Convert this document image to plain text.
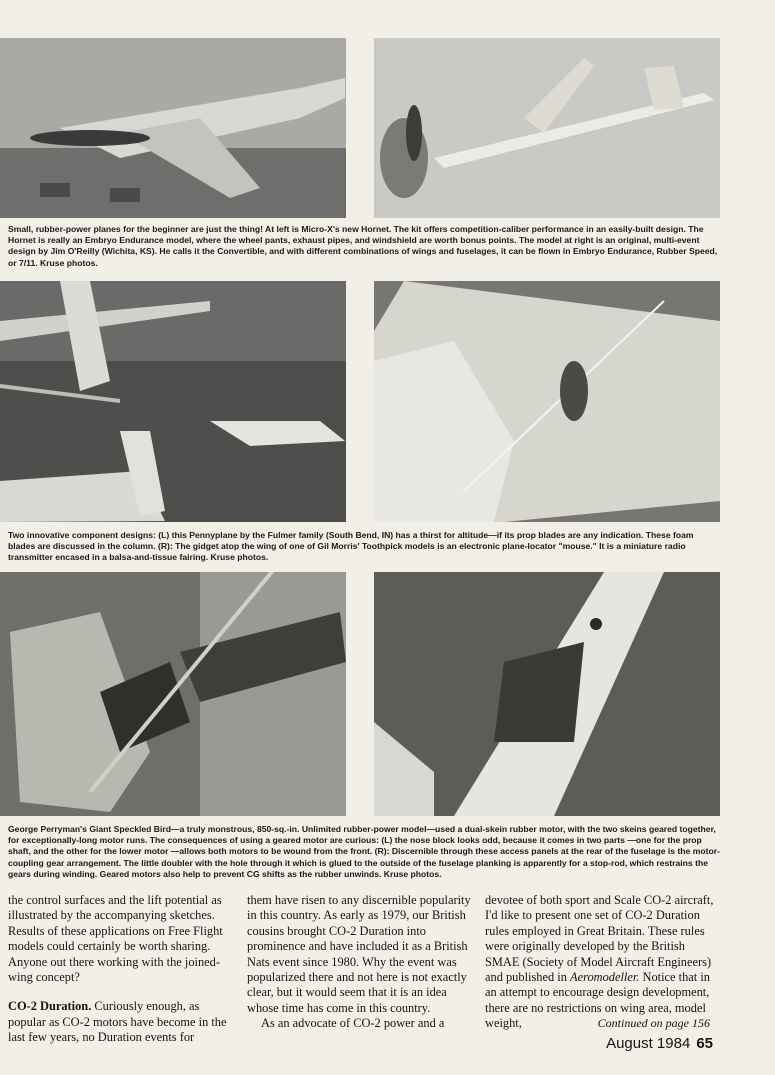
Small, rubber-power planes for the beginner are just the thing! At left is Micro-X's new Hornet. The kit offers competition-caliber performance in an easily-built design. The Hornet is really an Embryo Endurance model, where the wheel pants, exhaust pipes, and windshield are worth bonus points. The model at right is an original, multi-event design by Jim O'Reilly (Wichita, KS). He calls it the Convertible, and with different combinations of wings and fuselages, it can be flown in Embryo Endurance, Rubber Speed, or 7/11. Kruse photos.

Two innovative component designs: (L) this Pennyplane by the Fulmer family (South Bend, IN) has a thirst for altitude—if its prop blades are any indication. These foam blades are discussed in the column. (R): The gidget atop the wing of one of Gil Morris' Toothpick models is an electronic plane-locator "mouse." It is a miniature radio transmitter encased in a balsa-and-tissue fairing. Kruse photos.

George Perryman's Giant Speckled Bird—a truly monstrous, 850-sq.-in. Unlimited rubber-power model—used a dual-skein rubber motor, with the two skeins geared together, for exceptionally-long motor runs. The consequences of using a geared motor are curious: (L) the nose block looks odd, because it comes in two parts —one for the prop shaft, and the other for the lower motor —allows both motors to be wound from the front. (R): Discernible through these access panels at the rear of the fuselage is the motor-coupling gear arrangement. The little doubler with the hole through it which is glued to the outside of the fuselage planking is apparently for a stop-rod, which restrains the gears during winding. Geared motors also help to prevent CG shifts as the rubber unwinds. Kruse photos.

the control surfaces and the lift potential as illustrated by the accompanying sketches. Results of these applications on Free Flight models could certainly be worth sharing. Anyone out there working with the joined-wing concept?

CO-2 Duration. Curiously enough, as popular as CO-2 motors have become in the last few years, no Duration events for

them have risen to any discernible popularity in this country. As early as 1979, our British cousins brought CO-2 Duration into prominence and have included it as a British Nats event since 1980. Why the event was popularized there and not here is not exactly clear, but it would seem that it is an idea whose time has come in this country.

As an advocate of CO-2 power and a

devotee of both sport and Scale CO-2 aircraft, I'd like to present one set of CO-2 Duration rules employed in Great Britain. These rules were originally developed by the British SMAE (Society of Model Aircraft Engineers) and published in Aeromodeller. Notice that in an attempt to encourage design development, there are no restrictions on wing area, model weight,	Continued on page 156
August 1984 65
